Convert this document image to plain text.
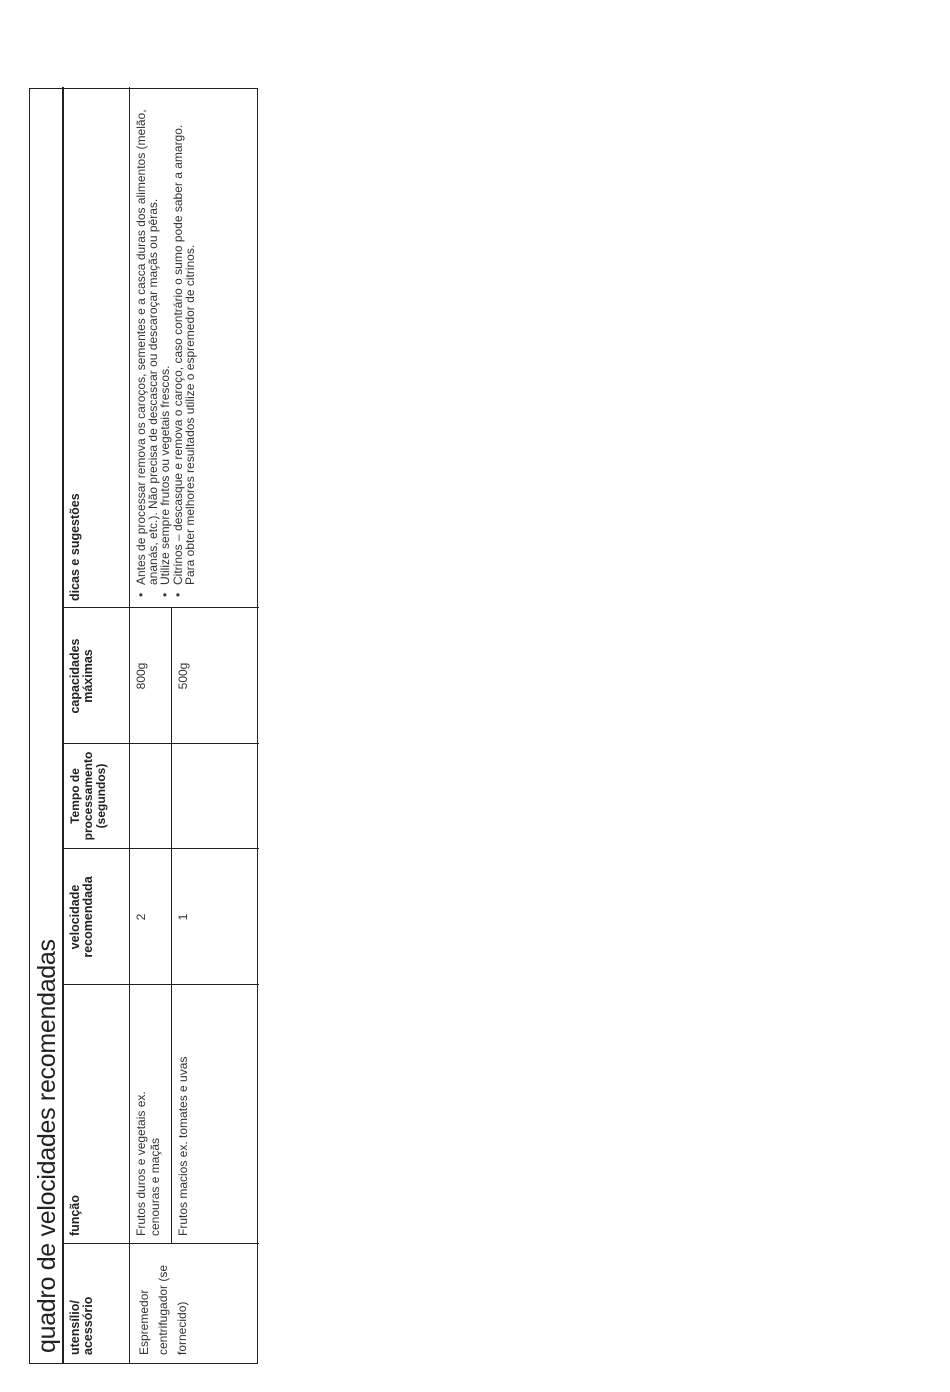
quadro de velocidades recomendadas utensílio/ acessório
função
velocidade recomendada
Tempo de processamento (segundos)
capacidades máximas
dicas e sugestões
Espremedor centrifugador (se fornecido)
Frutos duros e vegetais ex. cenouras e maçãs
2
800g
Frutos macios ex. tomates e uvas
1
500g
•
Antes de processar remova os caroços, sementes e a casca duras dos alimentos (melão, ananás, etc.). Não precisa de descascar ou descaroçar maçãs ou pêras.
•
Utilize sempre frutos ou vegetais frescos.
•
Citrinos – descasque e remova o caroço, caso contrário o sumo pode saber a amargo. Para obter melhores resultados utilize o espremedor de citrinos.
